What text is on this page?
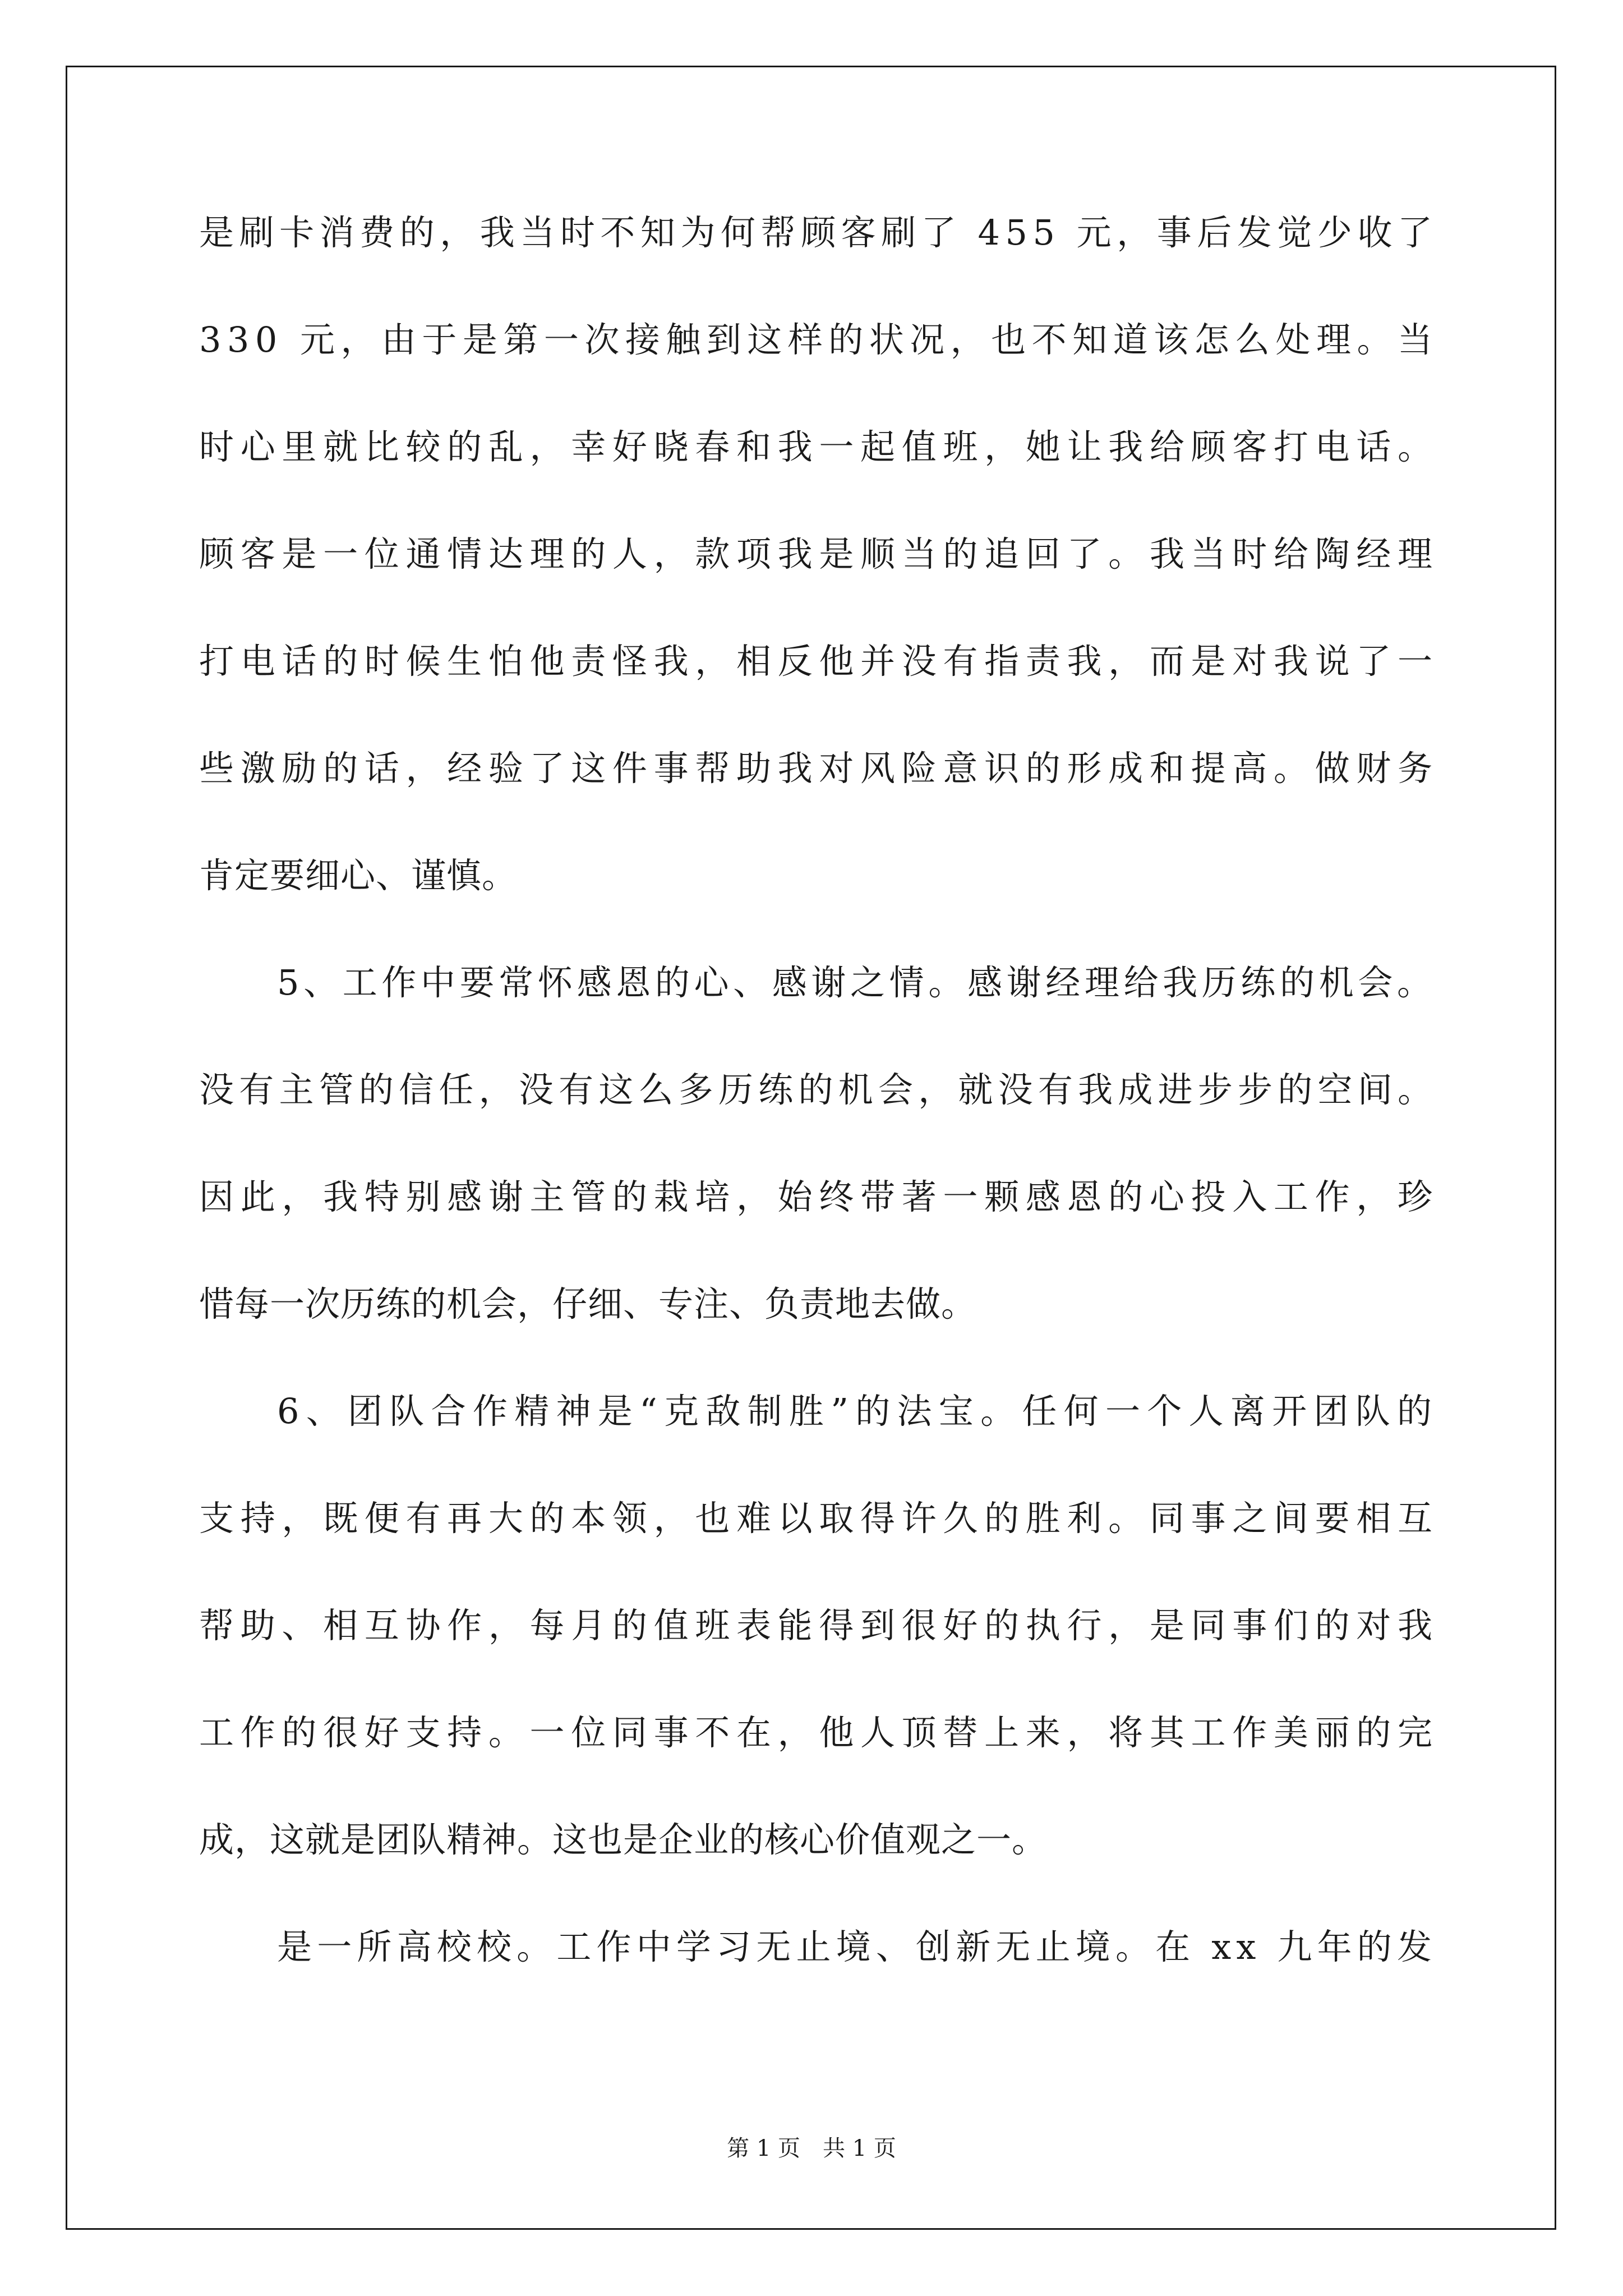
是刷卡消费的，我当时不知为何帮顾客刷了 455 元，事后发觉少收了
330 元，由于是第一次接触到这样的状况，也不知道该怎么处理。当
时心里就比较的乱，幸好晓春和我一起值班，她让我给顾客打电话。
顾客是一位通情达理的人，款项我是顺当的追回了。我当时给陶经理
打电话的时候生怕他责怪我，相反他并没有指责我，而是对我说了一
些激励的话，经验了这件事帮助我对风险意识的形成和提高。做财务
肯定要细心、谨慎。
5、工作中要常怀感恩的心、感谢之情。感谢经理给我历练的机会。
没有主管的信任，没有这么多历练的机会，就没有我成进步步的空间。
因此，我特别感谢主管的栽培，始终带著一颗感恩的心投入工作，珍
惜每一次历练的机会，仔细、专注、负责地去做。
6、团队合作精神是“克敌制胜”的法宝。任何一个人离开团队的
支持，既便有再大的本领，也难以取得许久的胜利。同事之间要相互
帮助、相互协作，每月的值班表能得到很好的执行，是同事们的对我
工作的很好支持。一位同事不在，他人顶替上来，将其工作美丽的完
成，这就是团队精神。这也是企业的核心价值观之一。
是一所高校校。工作中学习无止境、创新无止境。在 xx 九年的发
第 1 页　共 1 页
